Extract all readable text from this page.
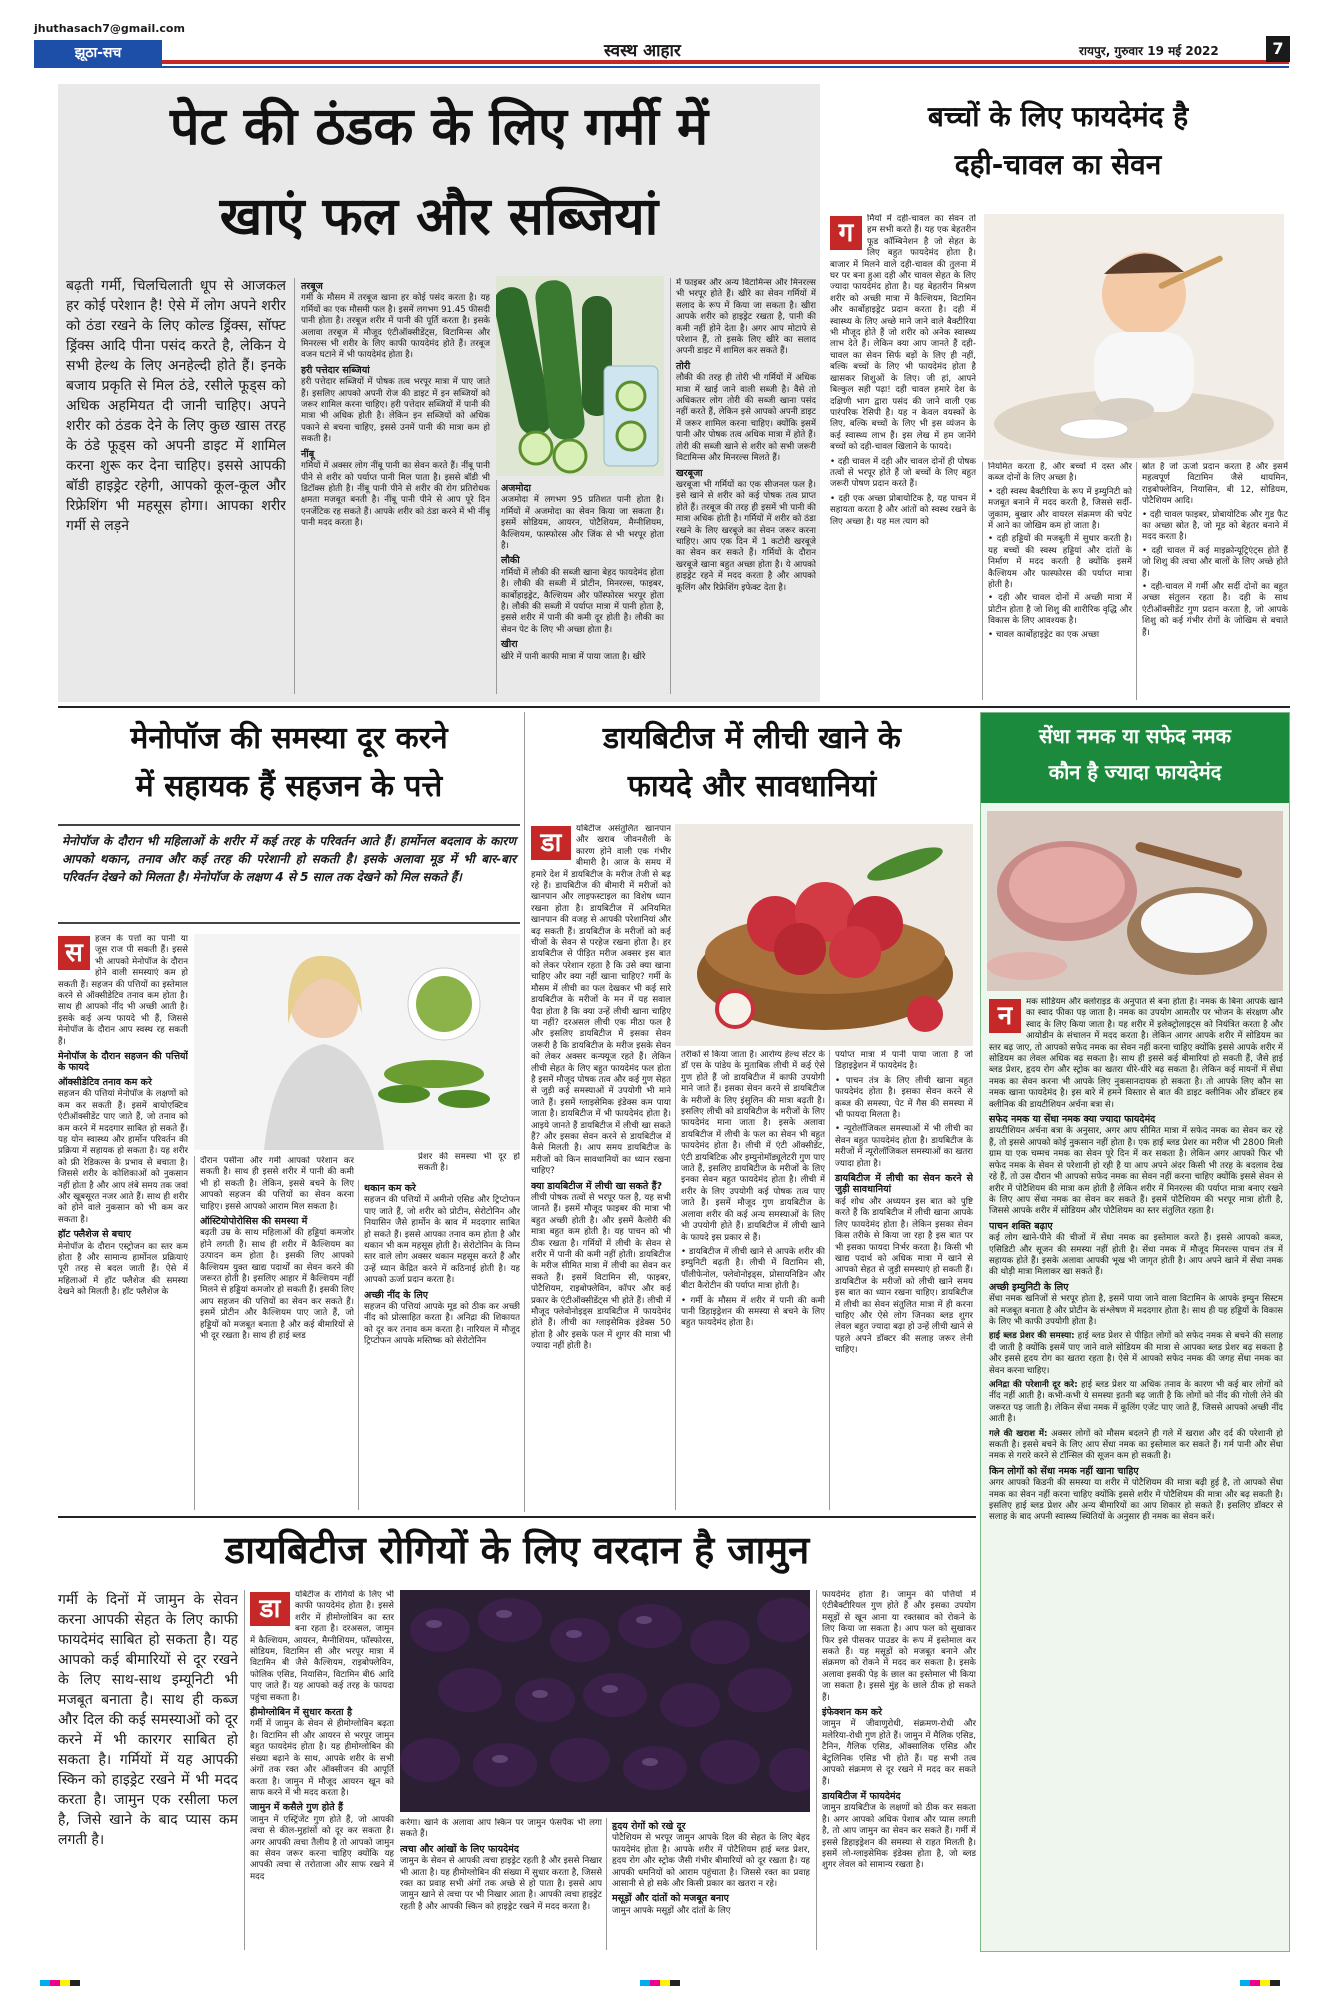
jhuthasach7@gmail.com
झूठा-सच	स्वस्थ आहार	रायपुर, गुरुवार 19 मई 2022	7
पेट की ठंडक के लिए गर्मी में
खाएं फल और सब्जियां
बढ़ती गर्मी, चिलचिलाती धूप से आजकल हर कोई परेशान है! ऐसे में लोग अपने शरीर को ठंडा रखने के लिए कोल्ड ड्रिंक्स, सॉफ्ट ड्रिंक्स आदि पीना पसंद करते है, लेकिन ये सभी हेल्थ के लिए अनहेल्दी होते हैं। इनके बजाय प्रकृति से मिल ठंडे, रसीले फूड्स को अधिक अहमियत दी जानी चाहिए। अपने शरीर को ठंडक देने के लिए कुछ खास तरह के ठंडे फूड्स को अपनी डाइट में शामिल करना शुरू कर देना चाहिए। इससे आपकी बॉडी हाइड्रेट रहेगी, आपको कूल-कूल और रिफ्रेशिंग भी महसूस होगा। आपका शरीर गर्मी से लड़ने
तरबूज
गर्मी के मौसम में तरबूज खाना हर कोई पसंद करता है। यह गर्मियों का एक मौसमी फल है। इसमें लगभग 91.45 फीसदी पानी होता है। तरबूज शरीर में पानी की पूर्ति करता है। इसके अलावा तरबूज में मौजूद एंटीऑक्सीडेंट्स, विटामिन्स और मिनरल्स भी शरीर के लिए काफी फायदेमंद होते हैं। तरबूज वजन घटाने में भी फायदेमंद होता है।
हरी पत्तेदार सब्जियां
हरी पत्तेदार सब्जियों में पोषक तत्व भरपूर मात्रा में पाए जाते हैं। इसलिए आपको अपनी रोज की डाइट में इन सब्जियों को जरूर शामिल करना चाहिए। हरी पत्तेदार सब्जियों में पानी की मात्रा भी अधिक होती है। लेकिन इन सब्जियों को अधिक पकाने से बचना चाहिए, इससे उनमें पानी की मात्रा कम हो सकती है।
नींबू
गर्मियों में अक्सर लोग नींबू पानी का सेवन करते हैं। नींबू पानी पीने से शरीर को पर्याप्त पानी मिल पाता है। इससे बॉडी भी डिटॉक्स होती है। नींबू पानी पीने से शरीर की रोग प्रतिरोधक क्षमता मजबूत बनती है। नींबू पानी पीने से आप पूरे दिन एनर्जेटिक रह सकते हैं। आपके शरीर को ठंडा करने में भी नींबू पानी मदद करता है।
अजमोदा
अजमोदा में लगभग 95 प्रतिशत पानी होता है। गर्मियों में अजमोदा का सेवन किया जा सकता है। इसमें सोडियम, आयरन, पोटैशियम, मैग्नीशियम, कैल्शियम, फास्फोरस और जिंक से भी भरपूर होता है।
लौकी
गर्मियों में लौकी की सब्जी खाना बेहद फायदेमंद होता है। लौकी की सब्जी में प्रोटीन, मिनरल्स, फाइबर, कार्बोहाइड्रेट, कैल्शियम और फॉस्फोरस भरपूर होता है। लौकी की सब्जी में पर्याप्त मात्रा में पानी होता है, इससे शरीर में पानी की कमी दूर होती है। लौकी का सेवन पेट के लिए भी अच्छा होता है।
खीरा
खीरे में पानी काफी मात्रा में पाया जाता है। खीरे
में फाइबर और अन्य विटामिन्स और मिनरल्स भी भरपूर होते हैं। खीरे का सेवन गर्मियों में सलाद के रूप में किया जा सकता है। खीरा आपके शरीर को हाइड्रेट रखता है, पानी की कमी नहीं होने देता है। अगर आप मोटापे से परेशान हैं, तो इसके लिए खीरे का सलाद अपनी डाइट में शामिल कर सकते हैं।
तोरी
लौकी की तरह ही तोरी भी गर्मियों में अधिक मात्रा में खाई जाने वाली सब्जी है। वैसे तो अधिकतर लोग तोरी की सब्जी खाना पसंद नहीं करते हैं, लेकिन इसे आपको अपनी डाइट में जरूर शामिल करना चाहिए। क्योंकि इसमें पानी और पोषक तत्व अधिक मात्रा में होते हैं। तोरी की सब्जी खाने से शरीर को सभी जरूरी विटामिन्स और मिनरल्स मिलते हैं।
खरबूजा
खरबूजा भी गर्मियों का एक सीजनल फल है। इसे खाने से शरीर को कई पोषक तत्व प्राप्त होते हैं। तरबूज की तरह ही इसमें भी पानी की मात्रा अधिक होती है। गर्मियों में शरीर को ठंडा रखने के लिए खरबूजे का सेवन जरूर करना चाहिए। आप एक दिन में 1 कटोरी खरबूजे का सेवन कर सकते हैं। गर्मियों के दौरान खरबूजे खाना बहुत अच्छा होता है। ये आपको हाइड्रेट रहने में मदद करता है और आपको कूलिंग और रिफ्रेशिंग इफेक्ट देता है।
बच्चों के लिए फायदेमंद है
दही-चावल का सेवन
ग	र्मियों में दही-चावल का सेवन तो हम सभी करते हैं। यह एक बेहतरीन फूड कॉम्बिनेशन है जो सेहत के लिए बहुत फायदेमंद होता है। बाजार में मिलने वाले दही-चावल की तुलना में घर पर बना हुआ दही और चावल सेहत के लिए ज्यादा फायदेमंद होता है। यह बेहतरीन मिश्रण शरीर को अच्छी मात्रा में कैल्शियम, विटामिन और कार्बोहाइड्रेट प्रदान करता है। दही में स्वास्थ्य के लिए अच्छे माने जाने वाले बैक्टीरिया भी मौजूद होते हैं जो शरीर को अनेक स्वास्थ्य लाभ देते हैं। लेकिन क्या आप जानते हैं दही-चावल का सेवन सिर्फ बड़ों के लिए ही नहीं, बल्कि बच्चों के लिए भी फायदेमंद होता है खासकर शिशुओं के लिए। जी हां, आपने बिल्कुल सही पढ़ा! दही चावल हमारे देश के दक्षिणी भाग द्वारा पसंद की जाने वाली एक पारंपरिक रेसिपी है। यह न केवल वयस्कों के लिए, बल्कि बच्चों के लिए भी इस व्यंजन के कई स्वास्थ्य लाभ हैं। इस लेख में हम जानेंगे बच्चों को दही-चावल खिलाने के फायदे।
• दही चावल में दही और चावल दोनों ही पोषक तत्वों से भरपूर होते हैं जो बच्चों के लिए बहुत जरूरी पोषण प्रदान करते हैं।
• दही एक अच्छा प्रोबायोटिक है, यह पाचन में सहायता करता है और आंतों को स्वस्थ रखने के लिए अच्छा है। यह मल त्याग को
नियमित करता है, और बच्चों में दस्त और कब्ज दोनों के लिए अच्छा है।
• दही स्वस्थ बैक्टीरिया के रूप में इम्युनिटी को मजबूत बनाने में मदद करती है, जिससे सर्दी-जुकाम, बुखार और वायरल संक्रमण की चपेट में आने का जोखिम कम हो जाता है।
• दही हड्डियों की मजबूती में सुधार करती है। यह बच्चों की स्वस्थ हड्डियां और दांतों के निर्माण में मदद करती है क्योंकि इसमें कैल्शियम और फास्फोरस की पर्याप्त मात्रा होती है।
• दही और चावल दोनों में अच्छी मात्रा में प्रोटीन होता है जो शिशु की शारीरिक वृद्धि और विकास के लिए आवश्यक है।
• चावल कार्बोहाइड्रेट का एक अच्छा
स्रोत है जो ऊर्जा प्रदान करता है और इसमें महत्वपूर्ण विटामिन जैसे थायमिन, राइबोफ्लेविन, नियासिन, बी 12, सोडियम, पोटैशियम आदि।
• दही चावल फाइबर, प्रोबायोटिक और गुड फैट का अच्छा स्रोत है, जो मूड को बेहतर बनाने में मदद करता है।
• दही चावल में कई माइक्रोन्यूट्रिएंट्स होते हैं जो शिशु की त्वचा और बालों के लिए अच्छे होते हैं।
• दही-चावल में गर्मी और सर्दी दोनों का बहुत अच्छा संतुलन रहता है। दही के साथ एंटीऑक्सीडेंट गुण प्रदान करता है, जो आपके शिशु को कई गंभीर रोगों के जोखिम से बचाते हैं।
मेनोपॉज की समस्या दूर करने
में सहायक हैं सहजन के पत्ते
मेनोपॉज के दौरान भी महिलाओं के शरीर में कई तरह के परिवर्तन आते हैं। हार्मोनल बदलाव के कारण आपको थकान, तनाव और कई तरह की परेशानी हो सकती है। इसके अलावा मूड में भी बार-बार परिवर्तन देखने को मिलता है। मेनोपॉज के लक्षण 4 से 5 साल तक देखने को मिल सकते हैं।
स	हजन के पत्तों का पानी या जूस राज पी सकती हैं। इससे भी आपको मेनोपॉज के दौरान होने वाली समस्याएं कम हो सकती हैं। सहजन की पत्तियों का इस्तेमाल करने से ऑक्सीडेटिव तनाव कम होता है। साथ ही आपको नींद भी अच्छी आती है। इसके कई अन्य फायदे भी हैं, जिससे मेनोपॉज के दौरान आप स्वस्थ रह सकती हैं।
मेनोपॉज के दौरान सहजन की पत्तियों के फायदे
ऑक्सीडेटिव तनाव कम करे
सहजन की पत्तियां मेनोपॉज के लक्षणों को कम कर सकती हैं। इसमें बायोएक्टिव एंटीऑक्सीडेंट पाए जाते हैं, जो तनाव को कम करने में मददगार साबित हो सकते हैं। यह योन स्वास्थ्य और हार्मोन परिवर्तन की प्रक्रिया में सहायक हो सकता है। यह शरीर को फ्री रेडिकल्स के प्रभाव से बचाता है। जिससे शरीर के कोशिकाओं को नुकसान नहीं होता है और आप लंबे समय तक जवां और खूबसूरत नजर आते हैं। साथ ही शरीर को होने वाले नुकसान को भी कम कर सकता है।
हॉट फ्लैशेज से बचाए
मेनोपॉज के दौरान एस्ट्रोजन का स्तर कम होता है और सामान्य हार्मोनल प्रक्रियाएं पूरी तरह से बदल जाती हैं। ऐसे में महिलाओं में हॉट फ्लैशेज की समस्या देखने को मिलती है। हॉट फ्लैशेज के
प्रेशर की समस्या भी दूर हो सकती है।
दौरान पसीना और गर्मी आपको परेशान कर सकती है। साथ ही इससे शरीर में पानी की कमी भी हो सकती है। लेकिन, इससे बचने के लिए आपको सहजन की पत्तियों का सेवन करना चाहिए। इससे आपको आराम मिल सकता है।
ऑस्टियोपोरोसिस की समस्या में
बढ़ती उम्र के साथ महिलाओं की हड्डियां कमजोर होने लगती हैं। साथ ही शरीर में कैल्शियम का उत्पादन कम होता है। इसकी लिए आपको कैल्शियम युक्त खाद्य पदार्थों का सेवन करने की जरूरत होती है। इसलिए आहार में कैल्शियम नहीं मिलने से हड्डियां कमजोर हो सकती हैं। इसकी लिए आप सहजन की पत्तियों का सेवन कर सकते हैं। इसमें प्रोटीन और कैल्शियम पाए जाते हैं, जो हड्डियों को मजबूत बनाता है और कई बीमारियों से भी दूर रखता है। साथ ही हाई ब्लड
थकान कम करे
सहजन की पत्तियों में अमीनो एसिड और ट्रिप्टोफन पाए जाते हैं, जो शरीर को प्रोटीन, सेरोटोनिन और नियासिन जैसे हार्मोन के स्राव में मददगार साबित हो सकते हैं। इससे आपका तनाव कम होता है और थकान भी कम महसूस होती है। सेरोटोनिन के निम्न स्तर वाले लोग अक्सर थकान महसूस करते हैं और उन्हें ध्यान केंद्रित करने में कठिनाई होती है। यह आपको ऊर्जा प्रदान करता है।
अच्छी नींद के लिए
सहजन की पत्तियां आपके मूड को ठीक कर अच्छी नींद को प्रोत्साहित करता है। अनिद्रा की शिकायत को दूर कर तनाव कम करता है। नारियल में मौजूद ट्रिप्टोफन आपके मस्तिष्क को सेरोटोनिन
डायबिटीज में लीची खाने के
फायदे और सावधानियां
डा	यबिटीज असंतुलित खानपान और खराब जीवनशैली के कारण होने वाली एक गंभीर बीमारी है। आज के समय में हमारे देश में डायबिटीज के मरीज तेजी से बढ़ रहे हैं। डायबिटीज की बीमारी में मरीजों को खानपान और लाइफस्टाइल का विशेष ध्यान रखना होता है। डायबिटीज में अनियमित खानपान की वजह से आपकी परेशानियां और बढ़ सकती हैं। डायबिटीज के मरीजों को कई चीजों के सेवन से परहेज रखना होता है। हर डायबिटीज से पीड़ित मरीज अक्सर इस बात को लेकर परेशान रहता है कि उसे क्या खाना चाहिए और क्या नहीं खाना चाहिए? गर्मी के मौसम में लीची का फल देखकर भी कई सारे डायबिटीज के मरीजों के मन में यह सवाल पैदा होता है कि क्या उन्हें लीची खाना चाहिए या नहीं? दरअसल लीची एक मीठा फल है और इसलिए डायबिटीज में इसका सेवन जरूरी है कि डायबिटीज के मरीज इसके सेवन को लेकर अक्सर कन्फ्यूज रहते हैं। लेकिन लीची सेहत के लिए बहुत फायदेमंद फल होता है इसमें मौजूद पोषक तत्व और कई गुण सेहत से जुड़ी कई समस्याओं में उपयोगी भी माने जाते हैं। इसमें ग्लाइसेमिक इंडेक्स कम पाया जाता है। डायबिटीज में भी फायदेमंद होता है। आइये जानते हैं डायबिटीज में लीची खा सकते हैं? और इसका सेवन करने से डायबिटीज में कैसे मिलती है। आप समय डायबिटीज के मरीजों को किन सावधानियों का ध्यान रखना चाहिए?
क्या डायबिटीज में लीची खा सकते हैं?
लीची पोषक तत्वों से भरपूर फल है, यह सभी जानते हैं। इसमें मौजूद फाइबर की मात्रा भी बहुत अच्छी होती है। और इसमें कैलोरी की मात्रा बहुत कम होती है। यह पाचन को भी ठीक रखता है। गर्मियों में लीची के सेवन से शरीर में पानी की कमी नहीं होती। डायबिटीज के मरीज सीमित मात्रा में लीची का सेवन कर सकते हैं। इसमें विटामिन सी, फाइबर, पोटैशियम, राइबोफ्लेविन, कॉपर और कई प्रकार के एंटीऑक्सीडेंट्स भी होते हैं। लीची में मौजूद फ्लेवोनोइड्स डायबिटीज में फायदेमंद होते हैं। लीची का ग्लाइसेमिक इंडेक्स 50 होता है और इसके फल में शुगर की मात्रा भी ज्यादा नहीं होती है।
तरीकों से किया जाता है। आरोग्य हेल्थ सेंटर के डॉ एस के पांडेय के मुताबिक लीची में कई ऐसे गुण होते हैं जो डायबिटीज में काफी उपयोगी माने जाते हैं। इसका सेवन करने से डायबिटीज के मरीजों के लिए इंसुलिन की मात्रा बढ़ती है। इसलिए लीची को डायबिटीज के मरीजों के लिए फायदेमंद माना जाता है। इसके अलावा डायबिटीज में लीची के फल का सेवन भी बहुत फायदेमंद होता है। लीची में एंटी ऑक्सीडेंट, एंटी डायबिटिक और इम्युनोमॉड्यूलेटरी गुण पाए जाते हैं, इसलिए डायबिटीज के मरीजों के लिए इनका सेवन बहुत फायदेमंद होता है। लीची में शरीर के लिए उपयोगी कई पोषक तत्व पाए जाते हैं। इसमें मौजूद गुण डायबिटीज के अलावा शरीर की कई अन्य समस्याओं के लिए भी उपयोगी होते हैं। डायबिटीज में लीची खाने के फायदे इस प्रकार से हैं।
• डायबिटीज में लीची खाने से आपके शरीर की इम्युनिटी बढ़ती है। लीची में विटामिन सी, पॉलीफेनोल, फ्लेवोनोइड्स, प्रोसायनिडिन और बीटा कैरोटीन की पर्याप्त मात्रा होती है।
• गर्मी के मौसम में शरीर में पानी की कमी पानी डिहाइड्रेशन की समस्या से बचने के लिए बहुत फायदेमंद होता है।
पर्याप्त मात्रा में पानी पाया जाता है जो डिहाइड्रेशन में फायदेमंद है।
• पाचन तंत्र के लिए लीची खाना बहुत फायदेमंद होता है। इसका सेवन करने से कब्ज की समस्या, पेट में गैस की समस्या में भी फायदा मिलता है।
• न्यूरोलॉजिकल समस्याओं में भी लीची का सेवन बहुत फायदेमंद होता है। डायबिटीज के मरीजों में न्यूरोलॉजिकल समस्याओं का खतरा ज्यादा होता है।
डायबिटीज में लीची का सेवन करने से जुड़ी सावधानियां
कई शोध और अध्ययन इस बात को पुष्टि करते हैं कि डायबिटीज में लीची खाना आपके लिए फायदेमंद होता है। लेकिन इसका सेवन किस तरीके से किया जा रहा है इस बात पर भी इसका फायदा निर्भर करता है। किसी भी खाद्य पदार्थ को अधिक मात्रा में खाने से आपको सेहत से जुड़ी समस्याएं हो सकती हैं। डायबिटीज के मरीजों को लीची खाने समय इस बात का ध्यान रखना चाहिए। डायबिटीज में लीची का सेवन संतुलित मात्रा में ही करना चाहिए और ऐसे लोग जिनका ब्लड शुगर लेवल बहुत ज्यादा बढ़ा हो उन्हें लीची खाने से पहले अपने डॉक्टर की सलाह जरूर लेनी चाहिए।
सेंधा नमक या सफेद नमक
कौन है ज्यादा फायदेमंद
न	मक सोडियम और क्लोराइड के अनुपात से बना होता है। नमक के बिना आपके खाने का स्वाद फीका पड़ जाता है। नमक का उपयोग आमतौर पर भोजन के संरक्षण और स्वाद के लिए किया जाता है। यह शरीर में इलेक्ट्रोलाइट्स को नियंत्रित करता है और आयोडीन के संचालन में मदद करता है। लेकिन आगर आपके शरीर में सोडियम का स्तर बढ़ जाए, तो आपको सफेद नमक का सेवन नहीं करना चाहिए क्योंकि इससे आपके शरीर में सोडियम का लेवल अधिक बढ़ सकता है। साथ ही इससे कई बीमारियां हो सकती हैं, जैसे हाई ब्लड प्रेशर, हृदय रोग और स्ट्रोक का खतरा धीरे-धीरे बढ़ सकता है। लेकिन कई मायनों में सेंधा नमक का सेवन करना भी आपके लिए नुकसानदायक हो सकता है। तो आपके लिए कौन सा नमक खाना फायदेमंद है। इस बारे में हमने विस्तार से बात की डाइट क्लीनिक और डॉक्टर हब क्लीनिक की डायटीशियन अर्चना बत्रा से।
सफेद नमक या सेंधा नमक क्या ज्यादा फायदेमंद
डायटीशियन अर्चना बत्रा के अनुसार, अगर आप सीमित मात्रा में सफेद नमक का सेवन कर रहे हैं, तो इससे आपको कोई नुकसान नहीं होता है। एक हाई ब्लड प्रेशर का मरीज भी 2800 मिली ग्राम या एक चम्मच नमक का सेवन पूरे दिन में कर सकता है। लेकिन अगर आपको फिर भी सफेद नमक के सेवन से परेशानी हो रही है या आप अपने अंदर किसी भी तरह के बदलाव देख रहे हैं, तो उस दौरान भी आपको सफेद नमक का सेवन नहीं करना चाहिए क्योंकि इससे सेवन से शरीर में पोटैशियम की मात्रा कम होती है लेकिन शरीर में मिनरल्स की पर्याप्त मात्रा बनाए रखने के लिए आप सेंधा नमक का सेवन कर सकते हैं। इसमें पोटैशियम की भरपूर मात्रा होती है, जिससे आपके शरीर में सोडियम और पोटैशियम का स्तर संतुलित रहता है।
पाचन शक्ति बढ़ाए
कई लोग खाने-पीने की चीजों में सेंधा नमक का इस्तेमाल करते हैं। इससे आपको कब्ज, एसिडिटी और सूजन की समस्या नहीं होती है। सेंधा नमक में मौजूद मिनरल्स पाचन तंत्र में सहायक होते हैं। इसके अलावा आपकी भूख भी जागृत होती है। आप अपने खाने में सेंधा नमक की थोड़ी मात्रा मिलाकर खा सकते हैं।
अच्छी इम्युनिटी के लिए
सेंधा नमक खनिजों से भरपूर होता है, इसमें पाया जाने वाला विटामिन के आपके इम्युन सिस्टम को मजबूत बनाता है और प्रोटीन के संश्लेषण में मददगार होता है। साथ ही यह हड्डियों के विकास के लिए भी काफी उपयोगी होता है।
हाई ब्लड प्रेशर की समस्या: हाई ब्लड प्रेशर से पीड़ित लोगों को सफेद नमक से बचने की सलाह दी जाती है क्योंकि इसमें पाए जाने वाले सोडियम की मात्रा से आपका ब्लड प्रेशर बढ़ सकता है और इससे हृदय रोग का खतरा रहता है। ऐसे में आपको सफेद नमक की जगह सेंधा नमक का सेवन करना चाहिए।
अनिद्रा की परेशानी दूर करे: हाई ब्लड प्रेशर या अधिक तनाव के कारण भी कई बार लोगों को नींद नहीं आती है। कभी-कभी ये समस्या इतनी बढ़ जाती है कि लोगों को नींद की गोली लेने की जरूरत पड़ जाती है। लेकिन सेंधा नमक में कूलिंग एजेंट पाए जाते हैं, जिससे आपको अच्छी नींद आती है।
गले की खराश में: अक्सर लोगों को मौसम बदलने ही गले में खराश और दर्द की परेशानी हो सकती है। इससे बचने के लिए आप सेंधा नमक का इस्तेमाल कर सकते हैं। गर्म पानी और सेंधा नमक से गरारे करने से टॉन्सिल की सूजन कम हो सकती है।
किन लोगों को सेंधा नमक नहीं खाना चाहिए
अगर आपको किडनी की समस्या या शरीर में पोटैशियम की मात्रा बढ़ी हुई है, तो आपको सेंधा नमक का सेवन नहीं करना चाहिए क्योंकि इससे शरीर में पोटैशियम की मात्रा और बढ़ सकती है। इसलिए हाई ब्लड प्रेशर और अन्य बीमारियों का आप शिकार हो सकते हैं। इसलिए डॉक्टर से सलाह के बाद अपनी स्वास्थ्य स्थितियों के अनुसार ही नमक का सेवन करें।
डायबिटीज रोगियों के लिए वरदान है जामुन
गर्मी के दिनों में जामुन के सेवन करना आपकी सेहत के लिए काफी फायदेमंद साबित हो सकता है। यह आपको कई बीमारियों से दूर रखने के लिए साथ-साथ इम्यूनिटी भी मजबूत बनाता है। साथ ही कब्ज और दिल की कई समस्याओं को दूर करने में भी कारगर साबित हो सकता है। गर्मियों में यह आपकी स्किन को हाइड्रेट रखने में भी मदद करता है। जामुन एक रसीला फल है, जिसे खाने के बाद प्यास कम लगती है।
डा	यबिटीज के रोगियों के लिए भी काफी फायदेमंद होता है। इससे शरीर में हीमोग्लोबिन का स्तर बना रहता है। दरअसल, जामुन में कैल्शियम, आयरन, मैग्नीशियम, फॉस्फोरस, सोडियम, विटामिन सी और भरपूर मात्रा में विटामिन बी जैसे कैल्शियम, राइबोफ्लेविन, फोलिक एसिड, नियासिन, विटामिन बी6 आदि पाए जाते हैं। यह आपको कई तरह के फायदा पहुंचा सकता है।
हीमोग्लोबिन में सुधार करता है
गर्मी में जामुन के सेवन से हीमोग्लोबिन बढ़ता है। विटामिन सी और आयरन से भरपूर जामुन बहुत फायदेमंद होता है। यह हीमोग्लोबिन की संख्या बढ़ाने के साथ, आपके शरीर के सभी अंगों तक रक्त और ऑक्सीजन की आपूर्ति करता है। जामुन में मौजूद आयरन खून को साफ करने में भी मदद करता है।
जामुन में कसैले गुण होते हैं
जामुन में एस्ट्रिंजेंट गुण होते हैं, जो आपकी त्वचा से कील-मुहांसों को दूर कर सकता है। अगर आपकी त्वचा तैलीय है तो आपको जामुन का सेवन जरूर करना चाहिए क्योंकि यह आपकी त्वचा से तरोताजा और साफ रखने में मदद
करेगा। खाने के अलावा आप स्किन पर जामुन फेसपैक भी लगा सकते हैं।
त्वचा और आंखों के लिए फायदेमंद
जामुन के सेवन से आपकी त्वचा हाइड्रेट रहती है और इससे निखार भी आता है। यह हीमोग्लोबिन की संख्या में सुधार करता है, जिससे रक्त का प्रवाह सभी अंगों तक अच्छे से हो पाता है। इससे आप जामुन खाने से त्वचा पर भी निखार आता है। आपकी त्वचा हाइड्रेट रहती है और आपकी स्किन को हाइड्रेट रखने में मदद करता है।
हृदय रोगों को रखे दूर
पोटैशियम से भरपूर जामुन आपके दिल की सेहत के लिए बेहद फायदेमंद होता है। आपके शरीर में पोटैशियम हाई ब्लड प्रेशर, हृदय रोग और स्ट्रोक जैसी गंभीर बीमारियों को दूर रखता है। यह आपकी धमनियों को आराम पहुंचाता है। जिससे रक्त का प्रवाह आसानी से हो सके और किसी प्रकार का खतरा न रहे।
मसूड़ों और दांतों को मजबूत बनाए
जामुन आपके मसूड़ों और दांतों के लिए
फायदेमंद होता है। जामुन की पत्तियों में एंटीबैक्टीरियल गुण होते हैं और इसका उपयोग मसूड़ों से खून आना या रक्तस्राव को रोकने के लिए किया जा सकता है। आप फल को सुखाकर फिर इसे पीसकर पाउडर के रूप में इस्तेमाल कर सकते हैं। यह मसूड़ों को मजबूत बनाने और संक्रमण को रोकने में मदद कर सकता है। इसके अलावा इसकी पेड़ के छाल का इस्तेमाल भी किया जा सकता है। इससे मुंह के छाले ठीक हो सकते हैं।
इंफेक्शन कम करे
जामुन में जीवाणुरोधी, संक्रमण-रोधी और मलेरिया-रोधी गुण होते हैं। जामुन में मैलिक एसिड, टैनिन, गैलिक एसिड, ऑक्सालिक एसिड और बेटुलिनिक एसिड भी होते हैं। यह सभी तत्व आपको संक्रमण से दूर रखने में मदद कर सकते हैं।
डायबिटीज में फायदेमंद
जामुन डायबिटीज के लक्षणों को ठीक कर सकता है। अगर आपको अधिक पेशाब और प्यास लगती है, तो आप जामुन का सेवन कर सकते हैं। गर्मी में इससे डिहाइड्रेशन की समस्या से राहत मिलती है। इसमें लो-ग्लाइसेमिक इंडेक्स होता है, जो ब्लड शुगर लेवल को सामान्य रखता है।
